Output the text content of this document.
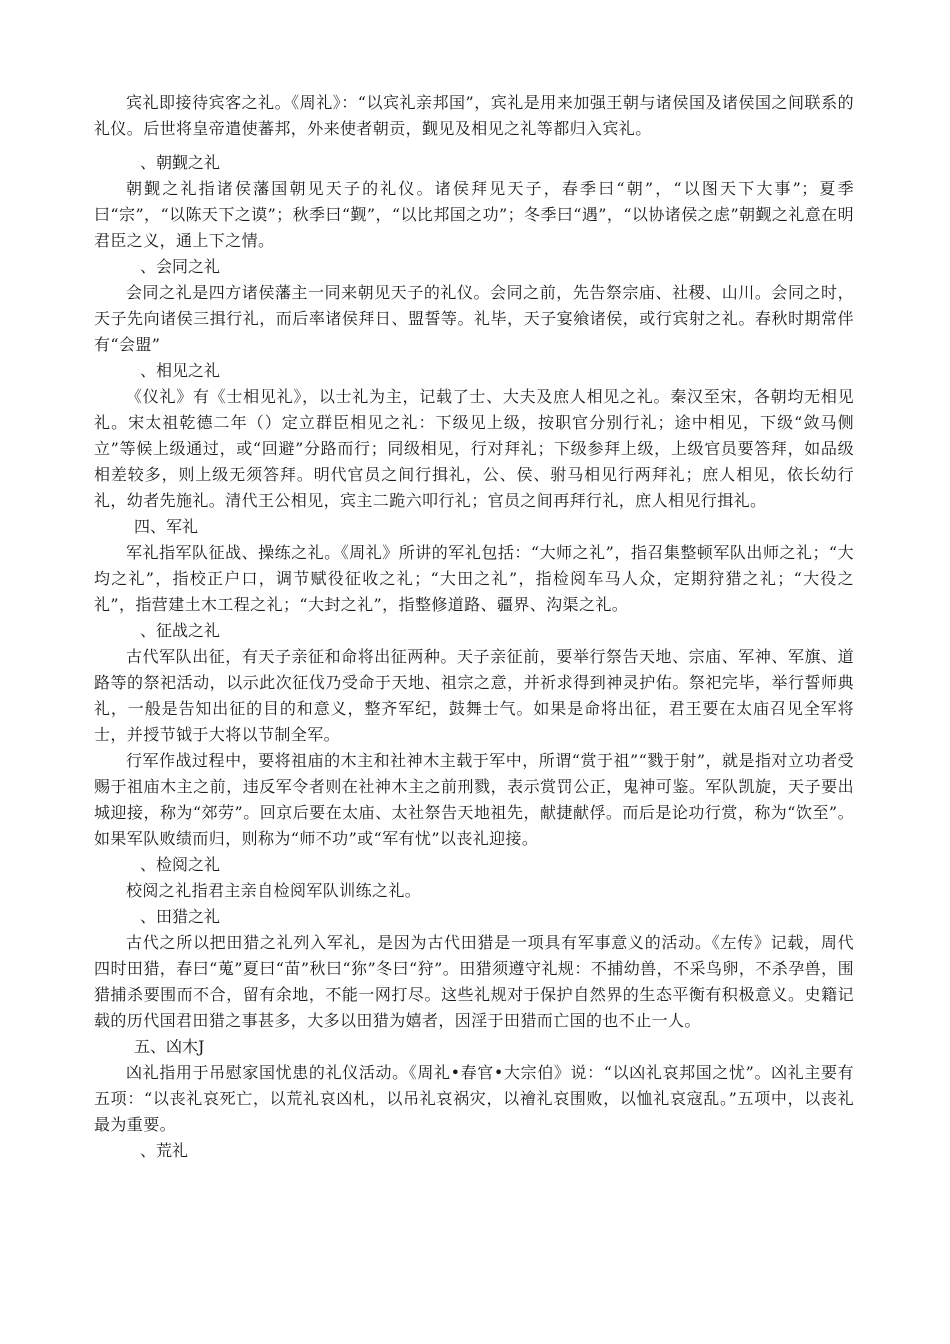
宾礼即接待宾客之礼。《周礼》：“以宾礼亲邦国”，宾礼是用来加强王朝与诸侯国及诸侯国之间联系的礼仪。后世将皇帝遣使蕃邦，外来使者朝贡，觐见及相见之礼等都归入宾礼。

、朝觐之礼

朝觐之礼指诸侯藩国朝见天子的礼仪。诸侯拜见天子，春季曰“朝”，“以图天下大事”；夏季曰“宗”，“以陈天下之谟”；秋季曰“觐”，“以比邦国之功”；冬季曰“遇”，“以协诸侯之虑”朝觐之礼意在明君臣之义，通上下之情。

、会同之礼

会同之礼是四方诸侯藩主一同来朝见天子的礼仪。会同之前，先告祭宗庙、社稷、山川。会同之时，天子先向诸侯三揖行礼，而后率诸侯拜日、盟誓等。礼毕，天子宴飨诸侯，或行宾射之礼。春秋时期常伴有“会盟”

、相见之礼

《仪礼》有《士相见礼》，以士礼为主，记载了士、大夫及庶人相见之礼。秦汉至宋，各朝均无相见礼。宋太祖乾德二年（）定立群臣相见之礼：下级见上级，按职官分别行礼；途中相见，下级“敛马侧立”等候上级通过，或“回避”分路而行；同级相见，行对拜礼；下级参拜上级，上级官员要答拜，如品级相差较多，则上级无须答拜。明代官员之间行揖礼，公、侯、驸马相见行两拜礼；庶人相见，依长幼行礼，幼者先施礼。清代王公相见，宾主二跪六叩行礼；官员之间再拜行礼，庶人相见行揖礼。

四、军礼

军礼指军队征战、操练之礼。《周礼》所讲的军礼包括：“大师之礼”，指召集整顿军队出师之礼；“大均之礼”，指校正户口，调节赋役征收之礼；“大田之礼”，指检阅车马人众，定期狩猎之礼；“大役之礼”，指营建土木工程之礼；“大封之礼”，指整修道路、疆界、沟渠之礼。

、征战之礼

古代军队出征，有天子亲征和命将出征两种。天子亲征前，要举行祭告天地、宗庙、军神、军旗、道路等的祭祀活动，以示此次征伐乃受命于天地、祖宗之意，并祈求得到神灵护佑。祭祀完毕，举行誓师典礼，一般是告知出征的目的和意义，整齐军纪，鼓舞士气。如果是命将出征，君王要在太庙召见全军将士，并授节钺于大将以节制全军。

行军作战过程中，要将祖庙的木主和社神木主载于军中，所谓“赏于祖”“戮于射”，就是指对立功者受赐于祖庙木主之前，违反军令者则在社神木主之前刑戮，表示赏罚公正，鬼神可鉴。军队凯旋，天子要出城迎接，称为“郊劳”。回京后要在太庙、太社祭告天地祖先，献捷献俘。而后是论功行赏，称为“饮至”。如果军队败绩而归，则称为“师不功”或“军有忧”以丧礼迎接。

、检阅之礼

校阅之礼指君主亲自检阅军队训练之礼。

、田猎之礼

古代之所以把田猎之礼列入军礼，是因为古代田猎是一项具有军事意义的活动。《左传》记载，周代四时田猎，春曰“蒐”夏曰“苗”秋曰“狝”冬曰“狩”。田猎须遵守礼规：不捕幼兽，不采鸟卵，不杀孕兽，围猎捕杀要围而不合，留有余地，不能一网打尽。这些礼规对于保护自然界的生态平衡有积极意义。史籍记载的历代国君田猎之事甚多，大多以田猎为嬉者，因淫于田猎而亡国的也不止一人。

五、凶木J

凶礼指用于吊慰家国忧患的礼仪活动。《周礼•春官•大宗伯》说：“以凶礼哀邦国之忧”。凶礼主要有五项：“以丧礼哀死亡，以荒礼哀凶札，以吊礼哀祸灾，以禬礼哀围败，以恤礼哀寇乱。”五项中，以丧礼最为重要。

、荒礼
